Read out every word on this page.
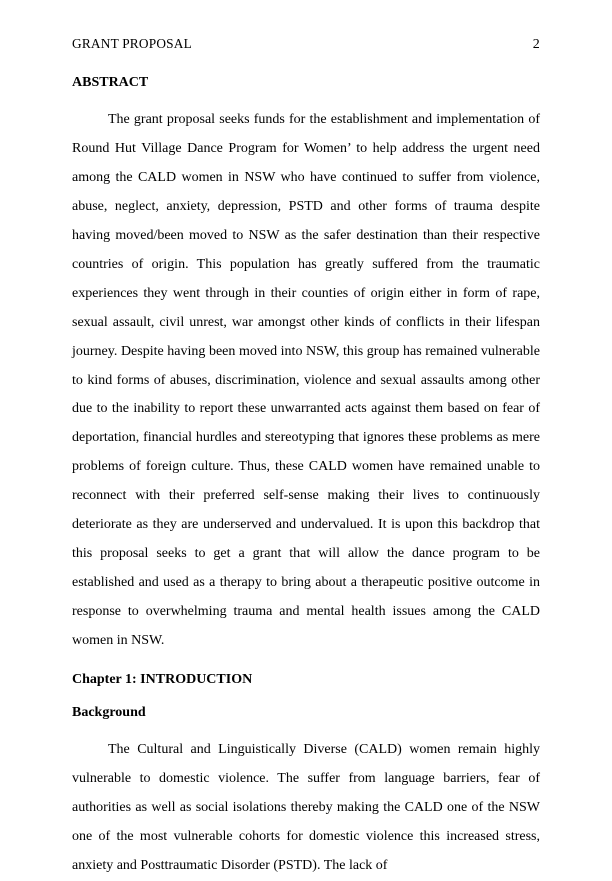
GRANT PROPOSAL	2
ABSTRACT

The grant proposal seeks funds for the establishment and implementation of Round Hut Village Dance Program for Women’ to help address the urgent need among the CALD women in NSW who have continued to suffer from violence, abuse, neglect, anxiety, depression, PSTD and other forms of trauma despite having moved/been moved to NSW as the safer destination than their respective countries of origin. This population has greatly suffered from the traumatic experiences they went through in their counties of origin either in form of rape, sexual assault, civil unrest, war amongst other kinds of conflicts in their lifespan journey. Despite having been moved into NSW, this group has remained vulnerable to kind forms of abuses, discrimination, violence and sexual assaults among other due to the inability to report these unwarranted acts against them based on fear of deportation, financial hurdles and stereotyping that ignores these problems as mere problems of foreign culture. Thus, these CALD women have remained unable to reconnect with their preferred self-sense making their lives to continuously deteriorate as they are underserved and undervalued. It is upon this backdrop that this proposal seeks to get a grant that will allow the dance program to be established and used as a therapy to bring about a therapeutic positive outcome in response to overwhelming trauma and mental health issues among the CALD women in NSW.

Chapter 1: INTRODUCTION
Background

The Cultural and Linguistically Diverse (CALD) women remain highly vulnerable to domestic violence. The suffer from language barriers, fear of authorities as well as social isolations thereby making the CALD one of the NSW one of the most vulnerable cohorts for domestic violence this increased stress, anxiety and Posttraumatic Disorder (PSTD). The lack of
